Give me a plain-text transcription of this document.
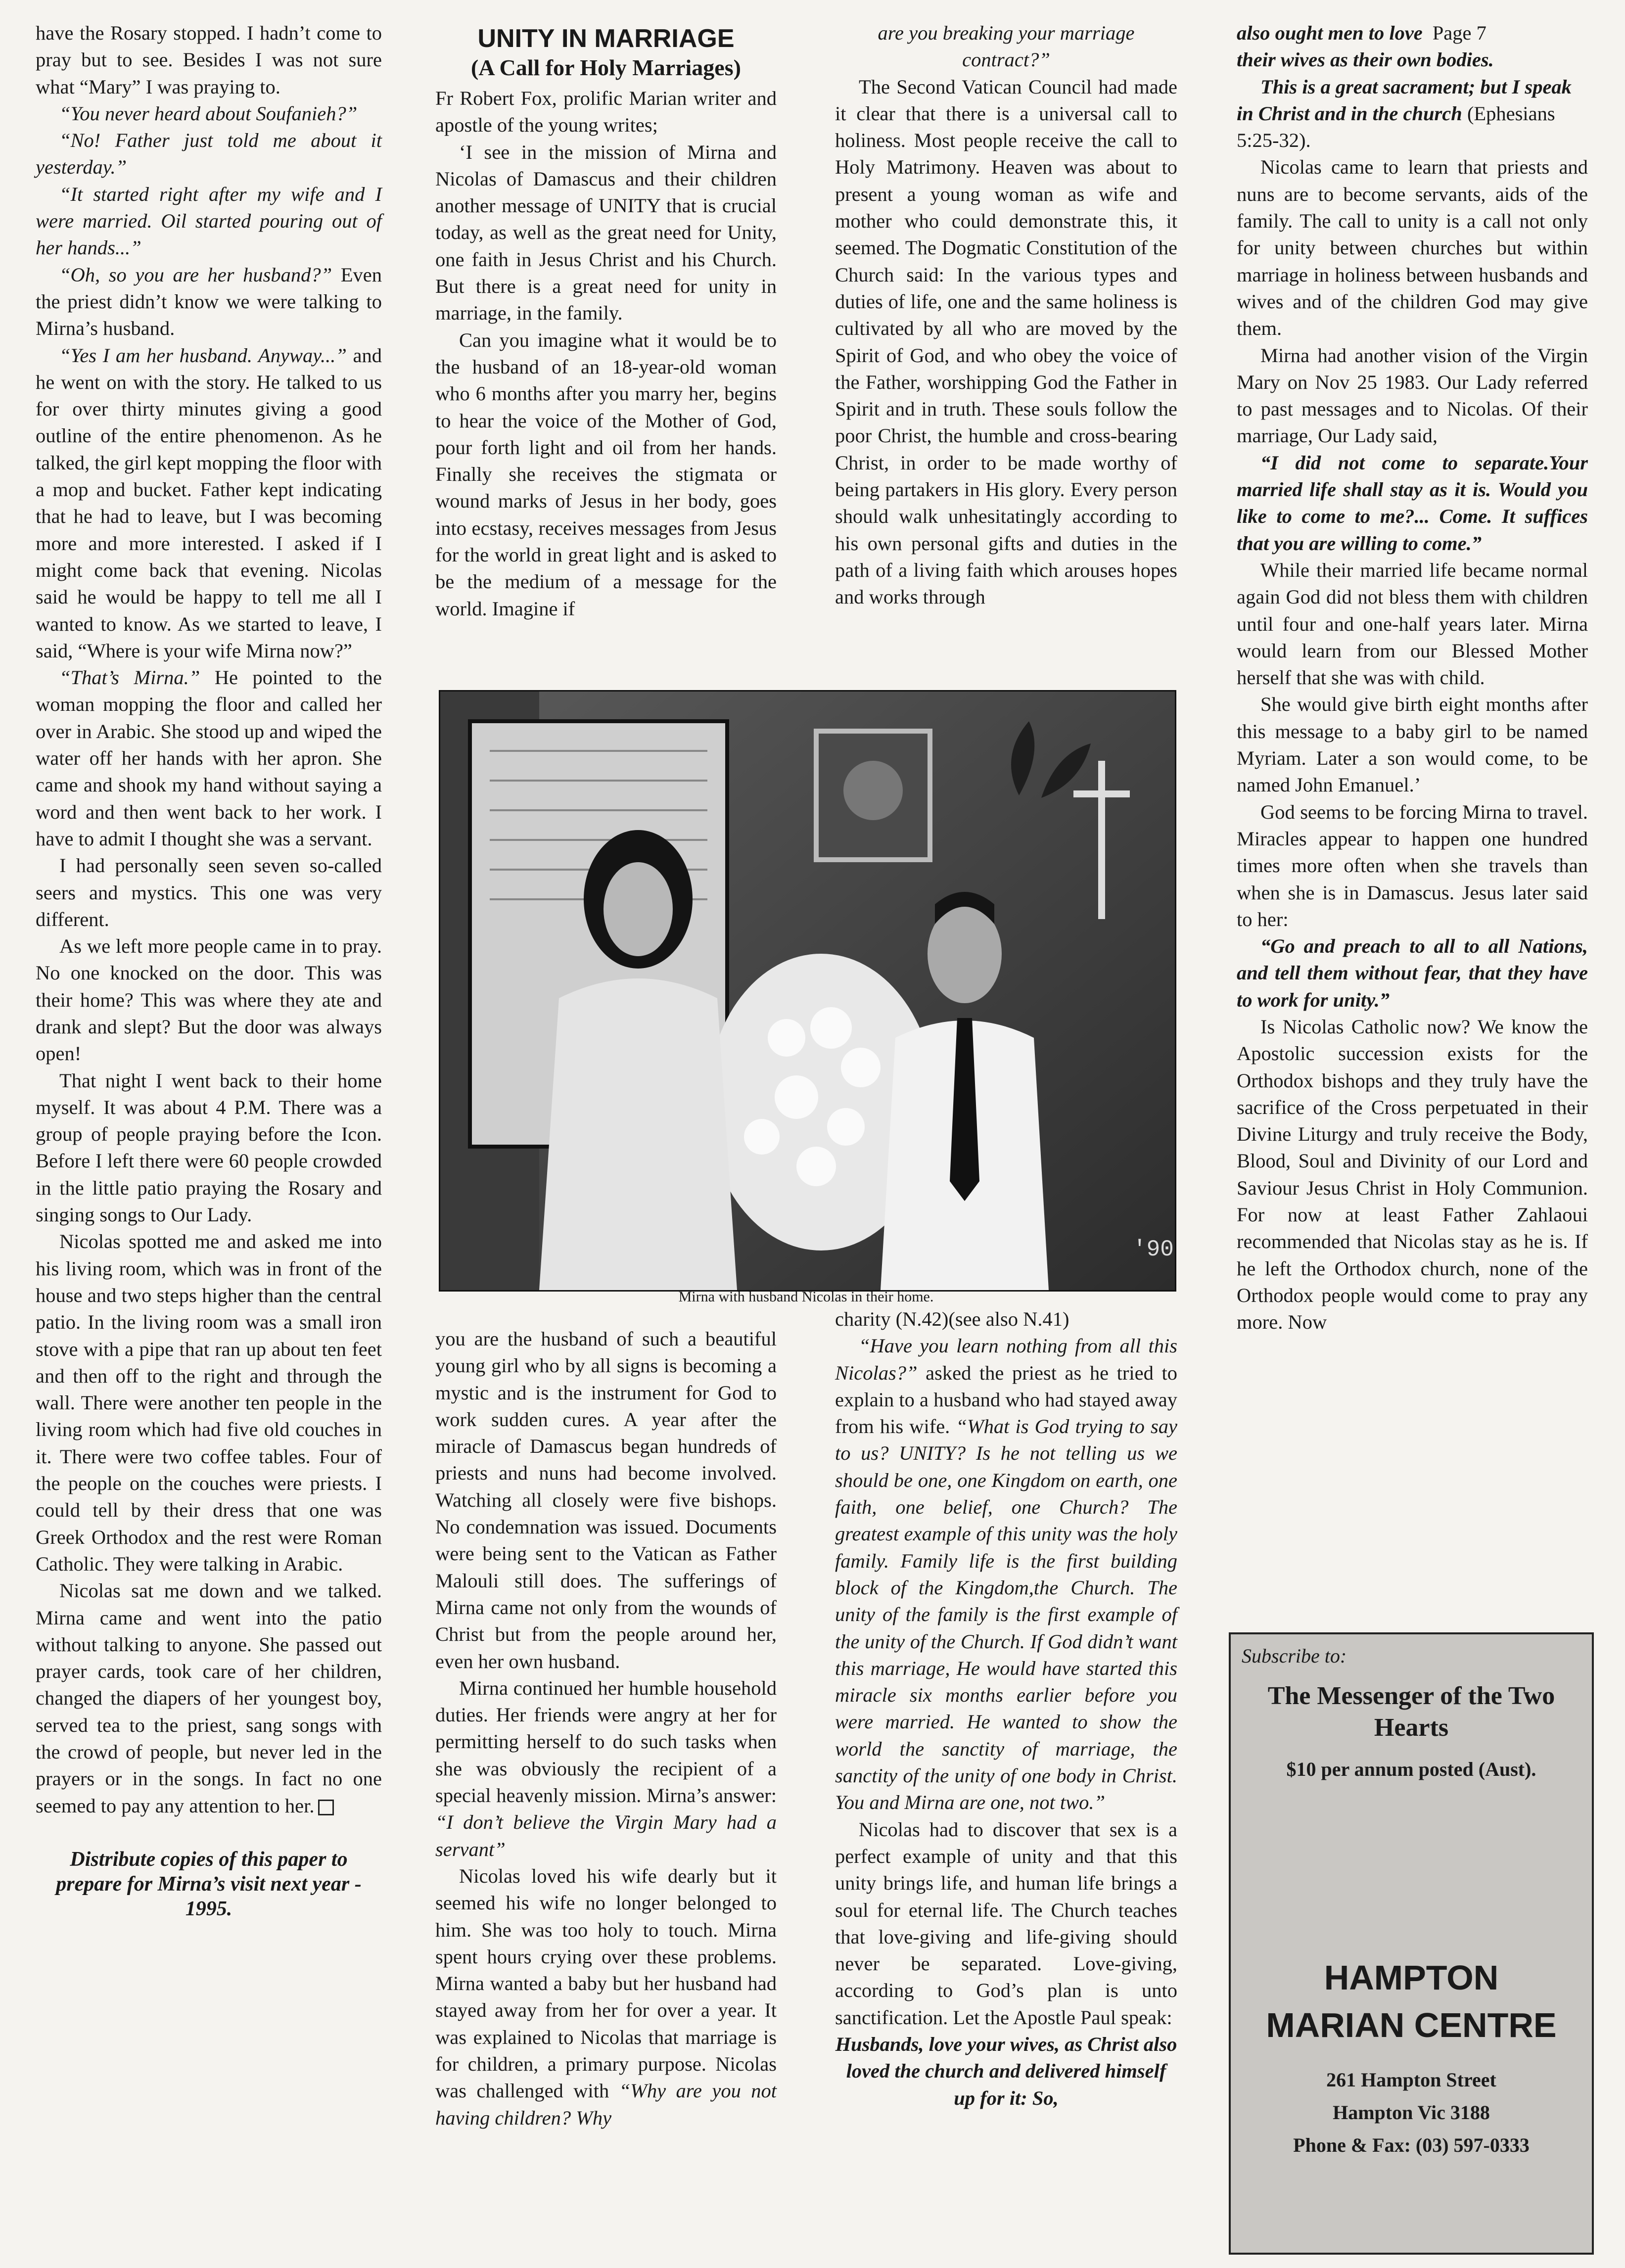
have the Rosary stopped. I hadn’t come to pray but to see. Besides I was not sure what “Mary” I was praying to.

“You never heard about Soufanieh?”

“No! Father just told me about it yesterday.”

“It started right after my wife and I were married. Oil started pouring out of her hands...”

“Oh, so you are her husband?” Even the priest didn’t know we were talking to Mirna’s husband.

“Yes I am her husband. Anyway...” and he went on with the story. He talked to us for over thirty minutes giving a good outline of the entire phenomenon. As he talked, the girl kept mopping the floor with a mop and bucket. Father kept indicating that he had to leave, but I was becoming more and more interested. I asked if I might come back that evening. Nicolas said he would be happy to tell me all I wanted to know. As we started to leave, I said, “Where is your wife Mirna now?”

“That’s Mirna.” He pointed to the woman mopping the floor and called her over in Arabic. She stood up and wiped the water off her hands with her apron. She came and shook my hand without saying a word and then went back to her work. I have to admit I thought she was a servant.

I had personally seen seven so-called seers and mystics. This one was very different.

As we left more people came in to pray. No one knocked on the door. This was their home? This was where they ate and drank and slept? But the door was always open!

That night I went back to their home myself. It was about 4 P.M. There was a group of people praying before the Icon. Before I left there were 60 people crowded in the little patio praying the Rosary and singing songs to Our Lady.

Nicolas spotted me and asked me into his living room, which was in front of the house and two steps higher than the central patio. In the living room was a small iron stove with a pipe that ran up about ten feet and then off to the right and through the wall. There were another ten people in the living room which had five old couches in it. There were two coffee tables. Four of the people on the couches were priests. I could tell by their dress that one was Greek Orthodox and the rest were Roman Catholic. They were talking in Arabic.

Nicolas sat me down and we talked. Mirna came and went into the patio without talking to anyone. She passed out prayer cards, took care of her children, changed the diapers of her youngest boy, served tea to the priest, sang songs with the crowd of people, but never led in the prayers or in the songs. In fact no one seemed to pay any attention to her.

Distribute copies of this paper to prepare for Mirna’s visit next year - 1995.
UNITY IN MARRIAGE
(A Call for Holy Marriages)

Fr Robert Fox, prolific Marian writer and apostle of the young writes;

‘I see in the mission of Mirna and Nicolas of Damascus and their children another message of UNITY that is crucial today, as well as the great need for Unity, one faith in Jesus Christ and his Church. But there is a great need for unity in marriage, in the family.

Can you imagine what it would be to the husband of an 18-year-old woman who 6 months after you marry her, begins to hear the voice of the Mother of God, pour forth light and oil from her hands. Finally she receives the stigmata or wound marks of Jesus in her body, goes into ecstasy, receives messages from Jesus for the world in great light and is asked to be the medium of a message for the world. Imagine if

are you breaking your marriage contract?”

The Second Vatican Council had made it clear that there is a universal call to holiness. Most people receive the call to Holy Matrimony. Heaven was about to present a young woman as wife and mother who could demonstrate this, it seemed. The Dogmatic Constitution of the Church said: In the various types and duties of life, one and the same holiness is cultivated by all who are moved by the Spirit of God, and who obey the voice of the Father, worshipping God the Father in Spirit and in truth. These souls follow the poor Christ, the humble and cross-bearing Christ, in order to be made worthy of being partakers in His glory. Every person should walk unhesitatingly according to his own personal gifts and duties in the path of a living faith which arouses hopes and works through

'90
Mirna with husband Nicolas in their home.

you are the husband of such a beautiful young girl who by all signs is becoming a mystic and is the instrument for God to work sudden cures. A year after the miracle of Damascus began hundreds of priests and nuns had become involved. Watching all closely were five bishops. No condemnation was issued. Documents were being sent to the Vatican as Father Malouli still does. The sufferings of Mirna came not only from the wounds of Christ but from the people around her, even her own husband.

Mirna continued her humble household duties. Her friends were angry at her for permitting herself to do such tasks when she was obviously the recipient of a special heavenly mission. Mirna’s answer: “I don’t believe the Virgin Mary had a servant”

Nicolas loved his wife dearly but it seemed his wife no longer belonged to him. She was too holy to touch. Mirna spent hours crying over these problems. Mirna wanted a baby but her husband had stayed away from her for over a year. It was explained to Nicolas that marriage is for children, a primary purpose. Nicolas was challenged with “Why are you not having children? Why

charity (N.42)(see also N.41)

“Have you learn nothing from all this Nicolas?” asked the priest as he tried to explain to a husband who had stayed away from his wife. “What is God trying to say to us? UNITY? Is he not telling us we should be one, one Kingdom on earth, one faith, one belief, one Church? The greatest example of this unity was the holy family. Family life is the first building block of the Kingdom,the Church. The unity of the family is the first example of the unity of the Church. If God didn’t want this marriage, He would have started this miracle six months earlier before you were married. He wanted to show the world the sanctity of marriage, the sanctity of the unity of one body in Christ. You and Mirna are one, not two.”

Nicolas had to discover that sex is a perfect example of unity and that this unity brings life, and human life brings a soul for eternal life. The Church teaches that love-giving and life-giving should never be separated. Love-giving, according to God’s plan is unto sanctification. Let the Apostle Paul speak:

Husbands, love your wives, as Christ also loved the church and delivered himself up for it: So,

also ought men to love Page 7

their wives as their own bodies.

This is a great sacrament; but I speak in Christ and in the church (Ephesians 5:25-32).

Nicolas came to learn that priests and nuns are to become servants, aids of the family. The call to unity is a call not only for unity between churches but within marriage in holiness between husbands and wives and of the children God may give them.

Mirna had another vision of the Virgin Mary on Nov 25 1983. Our Lady referred to past messages and to Nicolas. Of their marriage, Our Lady said,

“I did not come to separate.Your married life shall stay as it is. Would you like to come to me?... Come. It suffices that you are willing to come.”

While their married life became normal again God did not bless them with children until four and one-half years later. Mirna would learn from our Blessed Mother herself that she was with child.

She would give birth eight months after this message to a baby girl to be named Myriam. Later a son would come, to be named John Emanuel.’

God seems to be forcing Mirna to travel. Miracles appear to happen one hundred times more often when she travels than when she is in Damascus. Jesus later said to her:

“Go and preach to all to all Nations, and tell them without fear, that they have to work for unity.”

Is Nicolas Catholic now? We know the Apostolic succession exists for the Orthodox bishops and they truly have the sacrifice of the Cross perpetuated in their Divine Liturgy and truly receive the Body, Blood, Soul and Divinity of our Lord and Saviour Jesus Christ in Holy Communion. For now at least Father Zahlaoui recommended that Nicolas stay as he is. If he left the Orthodox church, none of the Orthodox people would come to pray any more. Now

Subscribe to:
The Messenger of the Two Hearts
$10 per annum posted (Aust).
HAMPTON
MARIAN CENTRE
261 Hampton Street
Hampton Vic 3188
Phone & Fax: (03) 597-0333
